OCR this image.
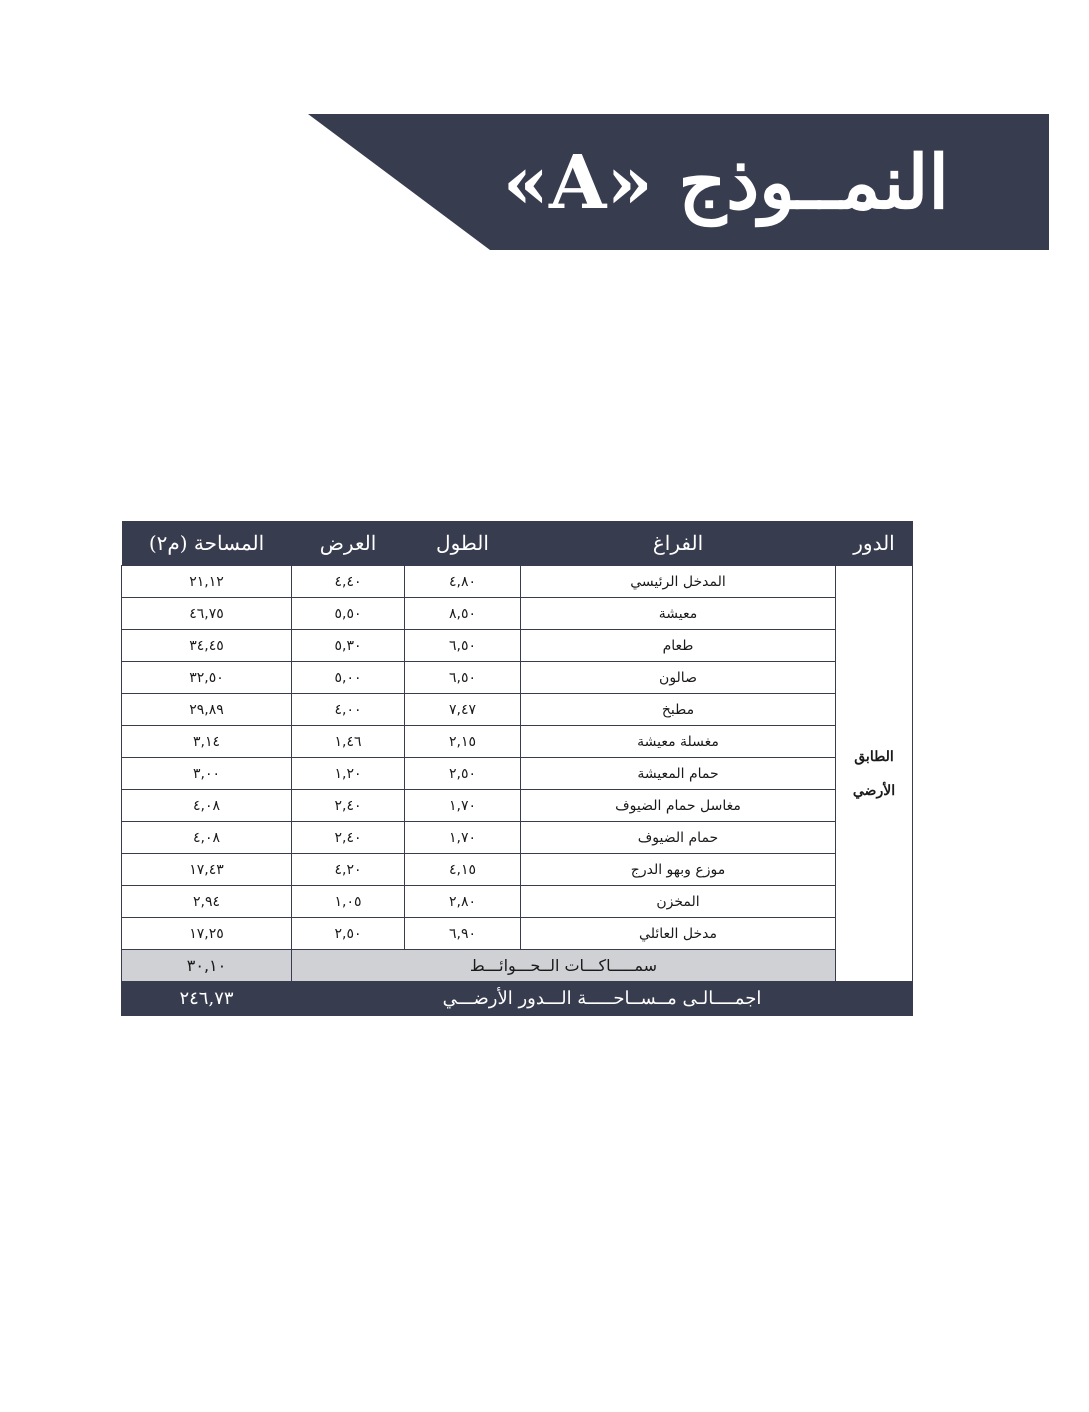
النمــوذج «A»
الدور	الفراغ	الطول	العرض	المساحة (م٢)
الطابق الأرضي	المدخل الرئيسي	٤,٨٠	٤,٤٠	٢١,١٢
	معيشة	٨,٥٠	٥,٥٠	٤٦,٧٥
	طعام	٦,٥٠	٥,٣٠	٣٤,٤٥
	صالون	٦,٥٠	٥,٠٠	٣٢,٥٠
	مطبخ	٧,٤٧	٤,٠٠	٢٩,٨٩
	مغسلة معيشة	٢,١٥	١,٤٦	٣,١٤
	حمام المعيشة	٢,٥٠	١,٢٠	٣,٠٠
	مغاسل حمام الضيوف	١,٧٠	٢,٤٠	٤,٠٨
	حمام الضيوف	١,٧٠	٢,٤٠	٤,٠٨
	موزع وبهو الدرج	٤,١٥	٤,٢٠	١٧,٤٣
	المخزن	٢,٨٠	١,٠٥	٢,٩٤
	مدخل العائلي	٦,٩٠	٢,٥٠	١٧,٢٥
	سمـــــاكـــات الــحـــوائـــط			٣٠,١٠
اجمــــالـى مــســاحـــــة الـــدور الأرضـــي				٢٤٦,٧٣
